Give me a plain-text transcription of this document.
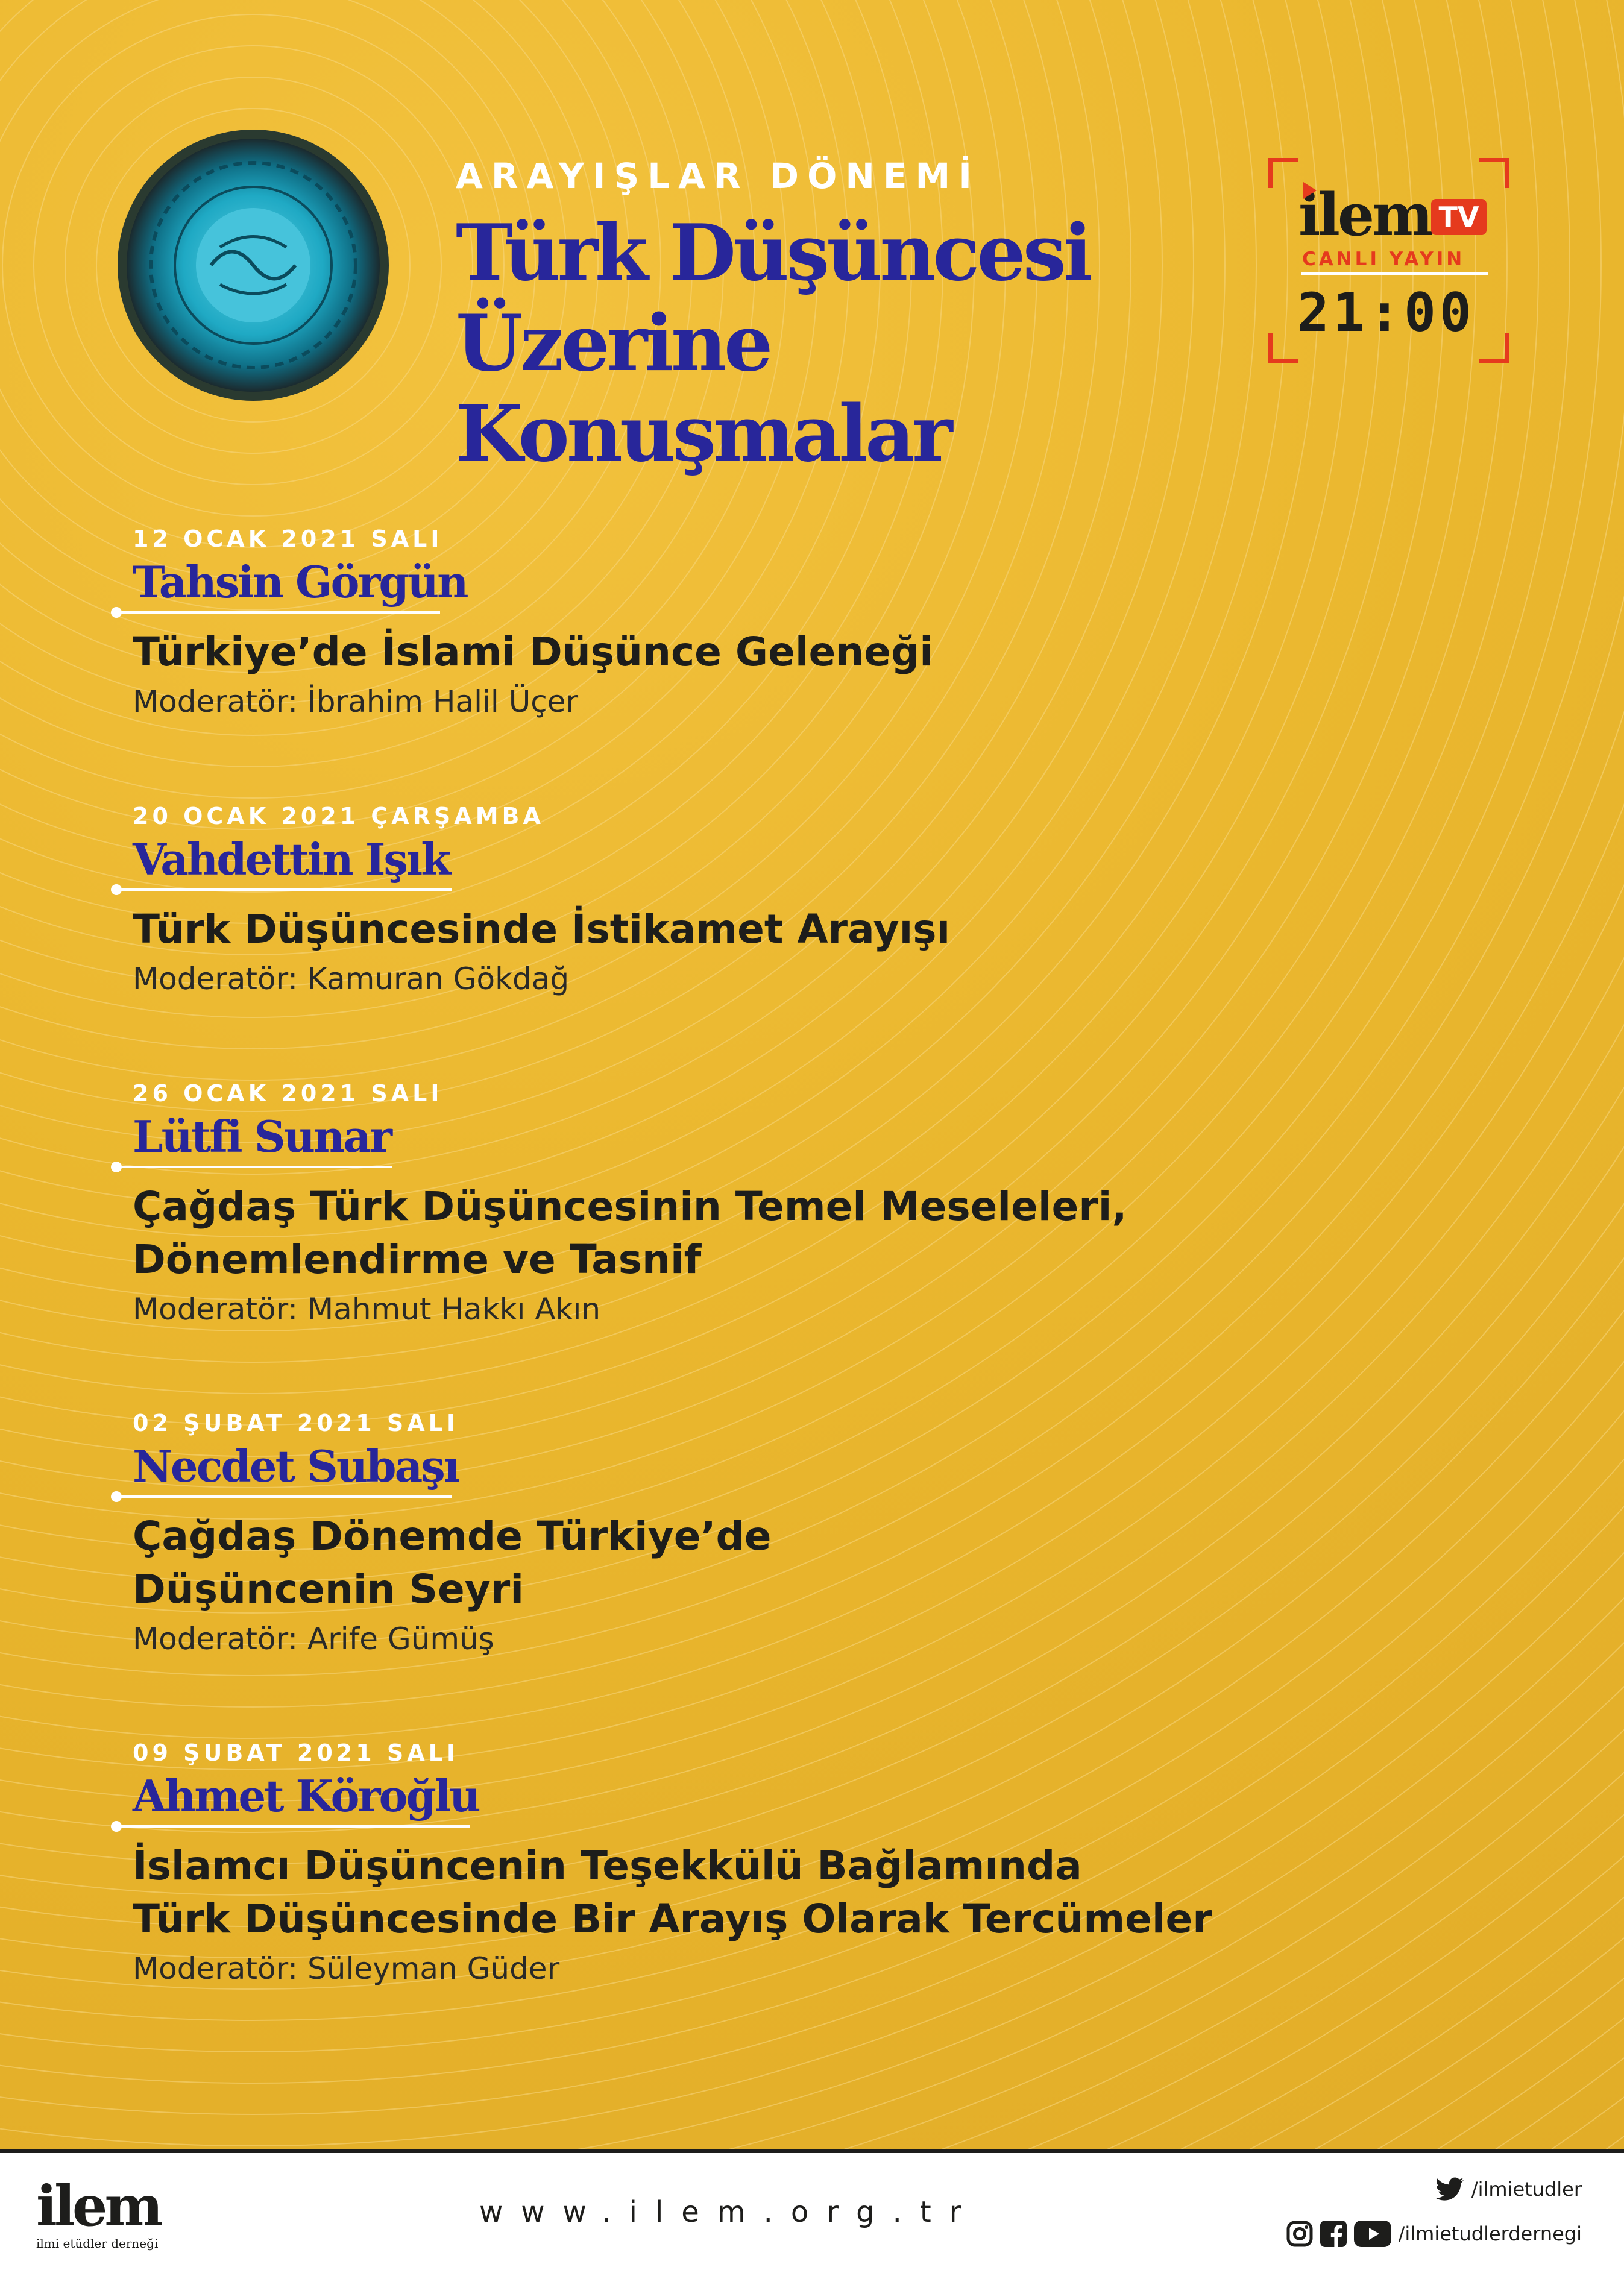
ARAYIŞLAR DÖNEMİ
Türk Düşüncesi
Üzerine Konuşmalar
ilem TV
CANLI YAYIN
21:00
12 OCAK 2021 SALI
Tahsin Görgün
Türkiye’de İslami Düşünce Geleneği
Moderatör: İbrahim Halil Üçer
20 OCAK 2021 ÇARŞAMBA
Vahdettin Işık
Türk Düşüncesinde İstikamet Arayışı
Moderatör: Kamuran Gökdağ
26 OCAK 2021 SALI
Lütfi Sunar
Çağdaş Türk Düşüncesinin Temel Meseleleri,
Dönemlendirme ve Tasnif
Moderatör: Mahmut Hakkı Akın
02 ŞUBAT 2021 SALI
Necdet Subaşı
Çağdaş Dönemde Türkiye’de
Düşüncenin Seyri
Moderatör: Arife Gümüş
09 ŞUBAT 2021 SALI
Ahmet Köroğlu
İslamcı Düşüncenin Teşekkülü Bağlamında
Türk Düşüncesinde Bir Arayış Olarak Tercümeler
Moderatör: Süleyman Güder
ilem
ilmi etüdler derneği
www.ilem.org.tr
/ilmietudler
/ilmietudlerdernegi
